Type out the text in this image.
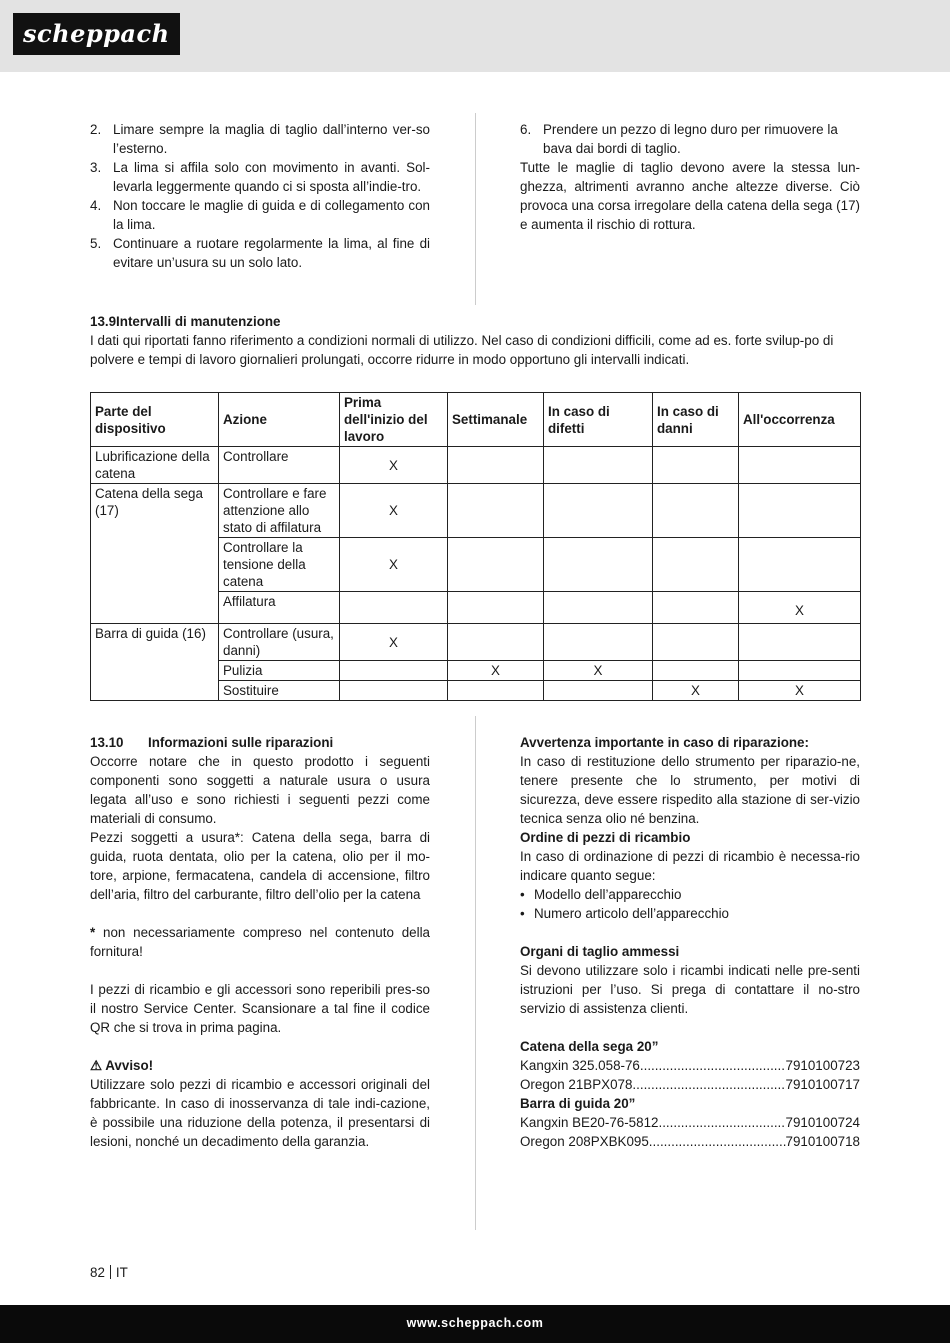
scheppach
2. Limare sempre la maglia di taglio dall’interno ver-so l’esterno.
3. La lima si affila solo con movimento in avanti. Sol-levarla leggermente quando ci si sposta all’indie-tro.
4. Non toccare le maglie di guida e di collegamento con la lima.
5. Continuare a ruotare regolarmente la lima, al fine di evitare un’usura su un solo lato.
6. Prendere un pezzo di legno duro per rimuovere la bava dai bordi di taglio.
Tutte le maglie di taglio devono avere la stessa lun-ghezza, altrimenti avranno anche altezze diverse. Ciò provoca una corsa irregolare della catena della sega (17) e aumenta il rischio di rottura.
13.9Intervalli di manutenzione
I dati qui riportati fanno riferimento a condizioni normali di utilizzo. Nel caso di condizioni difficili, come ad es. forte svilup-po di polvere e tempi di lavoro giornalieri prolungati, occorre ridurre in modo opportuno gli intervalli indicati.
Parte del dispositivo	Azione	Prima dell'inizio del lavoro	Settimanale	In caso di difetti	In caso di danni	All'occorrenza
Lubrificazione della catena	Controllare	X				
Catena della sega (17)	Controllare e fare attenzione allo stato di affilatura	X				
	Controllare la tensione della catena	X				
	Affilatura					X
Barra di guida (16)	Controllare (usura, danni)	X				
	Pulizia		X	X		
	Sostituire				X	X
13.10 Informazioni sulle riparazioni
Occorre notare che in questo prodotto i seguenti componenti sono soggetti a naturale usura o usura legata all’uso e sono richiesti i seguenti pezzi come materiali di consumo.
Pezzi soggetti a usura*: Catena della sega, barra di guida, ruota dentata, olio per la catena, olio per il mo-tore, arpione, fermacatena, candela di accensione, filtro dell’aria, filtro del carburante, filtro dell’olio per la catena
* non necessariamente compreso nel contenuto della fornitura!
I pezzi di ricambio e gli accessori sono reperibili pres-so il nostro Service Center. Scansionare a tal fine il codice QR che si trova in prima pagina.
⚠ Avviso!
Utilizzare solo pezzi di ricambio e accessori originali del fabbricante. In caso di inosservanza di tale indi-cazione, è possibile una riduzione della potenza, il presentarsi di lesioni, nonché un decadimento della garanzia.
Avvertenza importante in caso di riparazione:
In caso di restituzione dello strumento per riparazio-ne, tenere presente che lo strumento, per motivi di sicurezza, deve essere rispedito alla stazione di ser-vizio tecnica senza olio né benzina.
Ordine di pezzi di ricambio
In caso di ordinazione di pezzi di ricambio è necessa-rio indicare quanto segue:
• Modello dell’apparecchio
• Numero articolo dell’apparecchio
Organi di taglio ammessi
Si devono utilizzare solo i ricambi indicati nelle pre-senti istruzioni per l’uso. Si prega di contattare il no-stro servizio di assistenza clienti.
Catena della sega 20”
Kangxin 325.058-76 .....	7910100723
Oregon 21BPX078 .....	7910100717
Barra di guida 20”
Kangxin BE20-76-5812 .....	7910100724
Oregon 208PXBK095 .....	7910100718
82 IT
www.scheppach.com
